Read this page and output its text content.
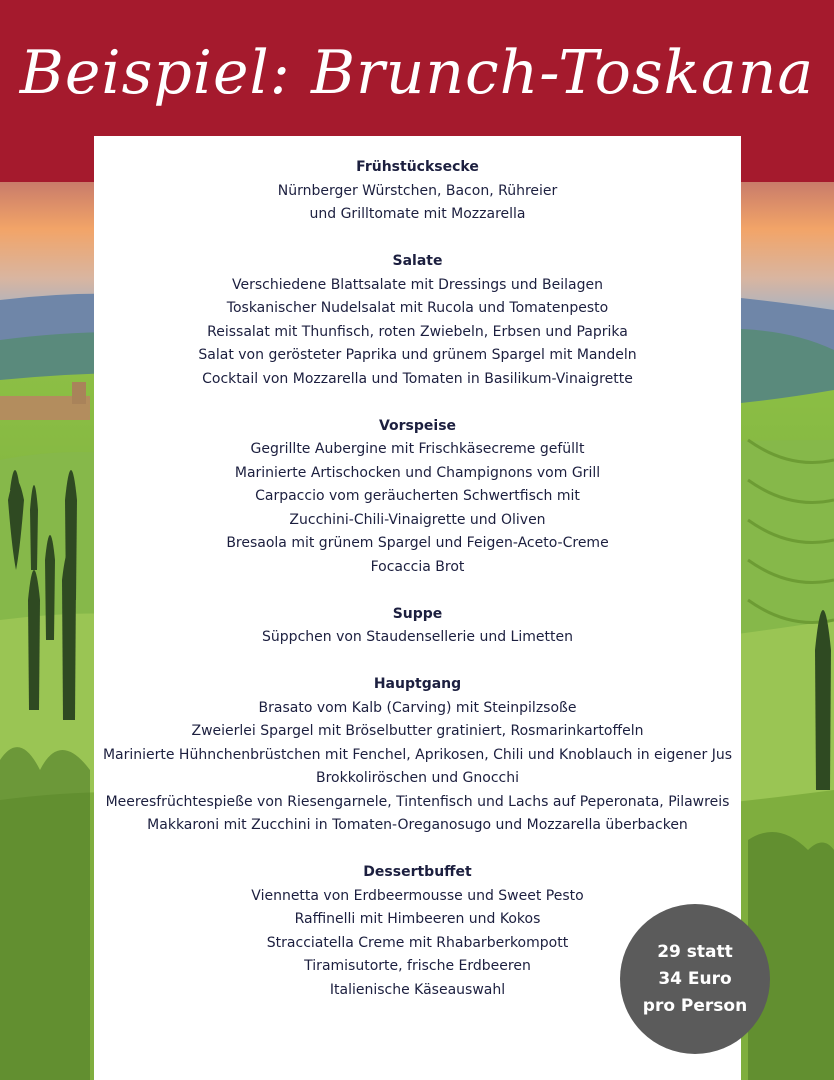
Beispiel: Brunch-Toskana
Frühstücksecke
Nürnberger Würstchen, Bacon, Rühreier
und Grilltomate mit Mozzarella
Salate
Verschiedene Blattsalate mit Dressings und Beilagen
Toskanischer Nudelsalat mit Rucola und Tomatenpesto
Reissalat mit Thunfisch, roten Zwiebeln, Erbsen und Paprika
Salat von gerösteter Paprika und grünem Spargel mit Mandeln
Cocktail von Mozzarella und Tomaten in Basilikum-Vinaigrette
Vorspeise
Gegrillte Aubergine mit Frischkäsecreme gefüllt
Marinierte Artischocken und Champignons vom Grill
Carpaccio vom geräucherten Schwertfisch mit
Zucchini-Chili-Vinaigrette und Oliven
Bresaola mit grünem Spargel und Feigen-Aceto-Creme
Focaccia Brot
Suppe
Süppchen von Staudensellerie und Limetten
Hauptgang
Brasato vom Kalb (Carving) mit Steinpilzsoße
Zweierlei Spargel mit Bröselbutter gratiniert, Rosmarinkartoffeln
Marinierte Hühnchenbrüstchen mit Fenchel, Aprikosen, Chili und Knoblauch in eigener Jus
Brokkoliröschen und Gnocchi
Meeresfrüchtespieße von Riesengarnele, Tintenfisch und Lachs auf Peperonata, Pilawreis
Makkaroni mit Zucchini in Tomaten-Oreganosugo und Mozzarella überbacken
Dessertbuffet
Viennetta von Erdbeermousse und Sweet Pesto
Raffinelli mit Himbeeren und Kokos
Stracciatella Creme mit Rhabarberkompott
Tiramisutorte, frische Erdbeeren
Italienische Käseauswahl
29 statt
34 Euro
pro Person
